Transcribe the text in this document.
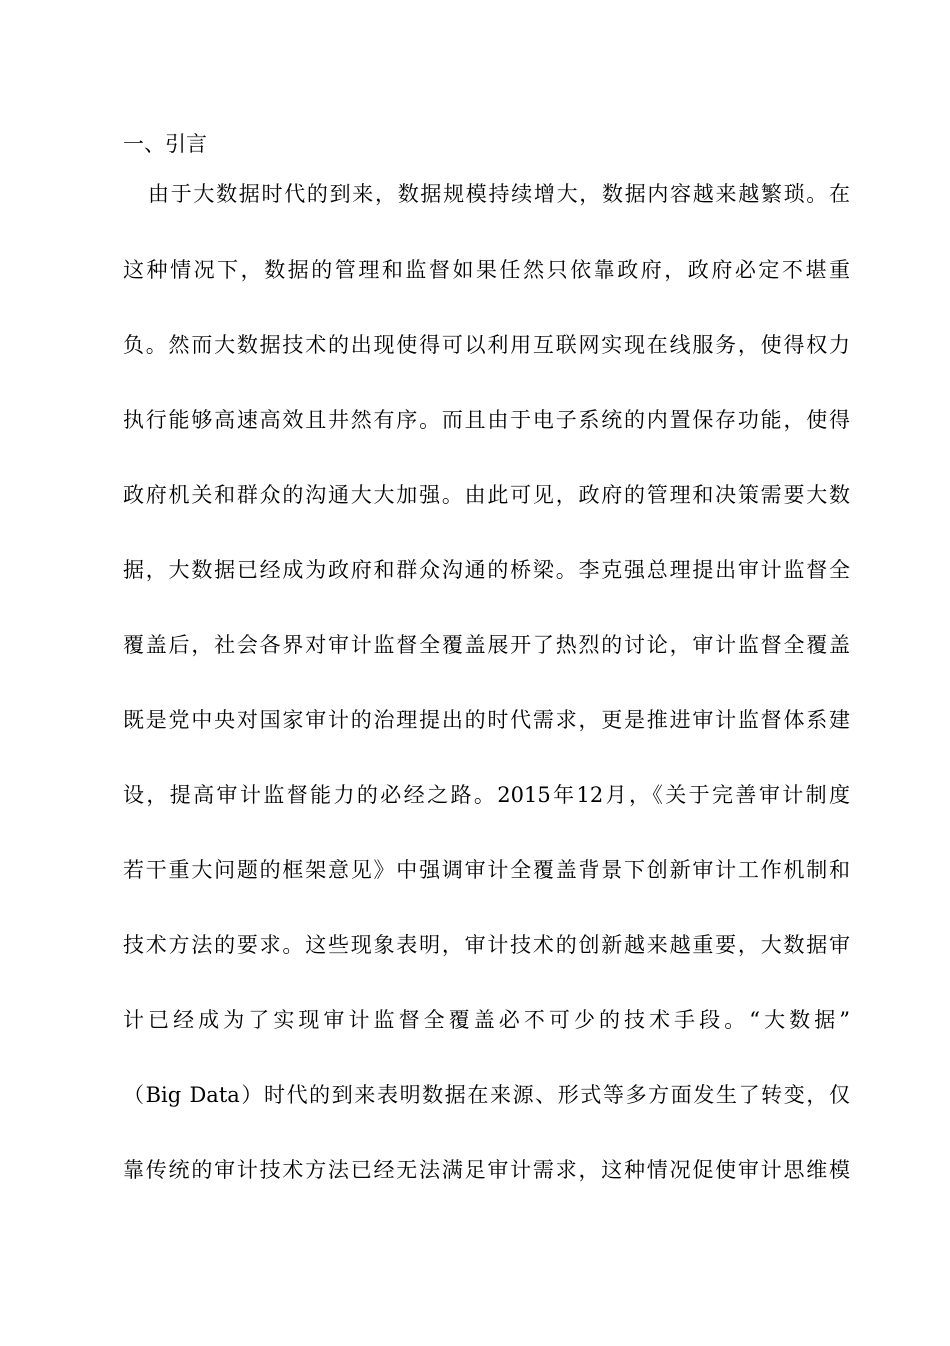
一、引言
由于大数据时代的到来，数据规模持续增大，数据内容越来越繁琐。在
这种情况下，数据的管理和监督如果任然只依靠政府，政府必定不堪重
负。然而大数据技术的出现使得可以利用互联网实现在线服务，使得权力
执行能够高速高效且井然有序。而且由于电子系统的内置保存功能，使得
政府机关和群众的沟通大大加强。由此可见，政府的管理和决策需要大数
据，大数据已经成为政府和群众沟通的桥梁。李克强总理提出审计监督全
覆盖后，社会各界对审计监督全覆盖展开了热烈的讨论，审计监督全覆盖
既是党中央对国家审计的治理提出的时代需求，更是推进审计监督体系建
设，提高审计监督能力的必经之路。2015年12月，《关于完善审计制度
若干重大问题的框架意见》中强调审计全覆盖背景下创新审计工作机制和
技术方法的要求。这些现象表明，审计技术的创新越来越重要，大数据审
计已经成为了实现审计监督全覆盖必不可少的技术手段。“大数据”
（Big Data）时代的到来表明数据在来源、形式等多方面发生了转变，仅
靠传统的审计技术方法已经无法满足审计需求，这种情况促使审计思维模
